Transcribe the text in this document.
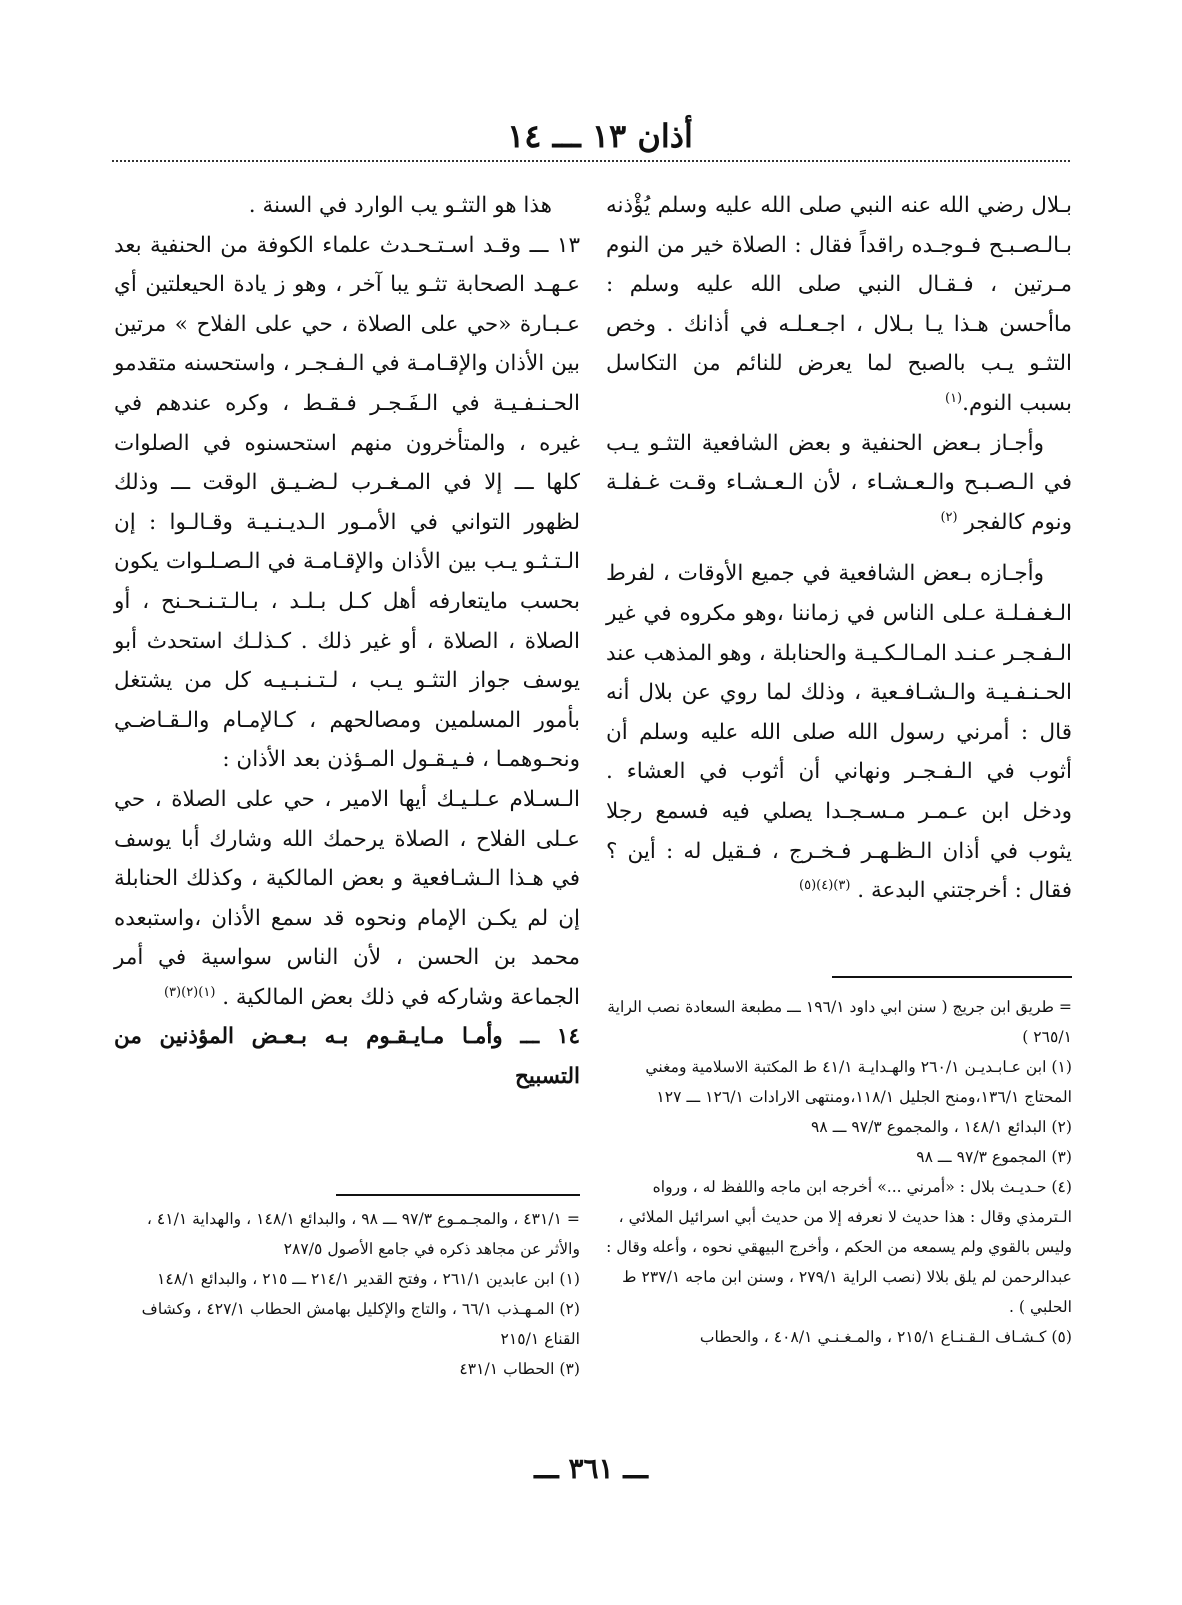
أذان ١٣ ـــ ١٤

بـلال رضي الله عنه النبي صلى الله عليه وسلم يُؤْذنه بـالـصـبـح فـوجـده راقداً فقال : الصلاة خير من النوم مـرتين ، فـقـال النبي صلى الله عليه وسلم : ماأحسن هـذا يـا بـلال ، اجـعـلـه في أذانك . وخص التثـو يـب بالصبح لما يعرض للنائم من التكاسل بسبب النوم.$^{(١)}$

وأجـاز بـعض الحنفية و بعض الشافعية التثـو يـب في الـصـبـح والـعـشـاء ، لأن الـعـشـاء وقـت غـفلـة ونوم كالفجر $^{(٢)}$

وأجـازه بـعض الشافعية في جميع الأوقات ، لفرط الـغـفـلـة عـلى الناس في زماننا ،وهو مكروه في غير الـفـجـر عـنـد المـالـكـيـة والحنابلة ، وهو المذهب عند الحـنـفـيـة والـشـافـعية ، وذلك لما روي عن بلال أنه قال : أمرني رسول الله صلى الله عليه وسلم أن أثوب في الـفـجـر ونهاني أن أثوب في العشاء . ودخل ابن عـمـر مـسـجـدا يصلي فيه فسمع رجلا يثوب في أذان الـظـهـر فـخـرج ، فـقيل له : أين ؟ فقال : أخرجتني البدعة . $^{(٣)(٤)(٥)}$

هذا هو التثـو يب الوارد في السنة .

١٣ ـــ وقـد اسـتـحـدث علماء الكوفة من الحنفية بعد عـهـد الصحابة تثـو يبا آخر ، وهو ز يادة الحيعلتين أي عـبـارة «حي على الصلاة ، حي على الفلاح » مرتين بين الأذان والإقـامـة في الـفـجـر ، واستحسنه متقدمو الحـنـفـيـة في الـفَـجـر فـقـط ، وكره عندهم في غيره ، والمتأخرون منهم استحسنوه في الصلوات كلها ـــ إلا في المـغـرب لـضـيـق الوقت ـــ وذلك لظهور التواني في الأمـور الـديـنـيـة وقـالـوا : إن الـتـثـو يـب بين الأذان والإقـامـة في الـصـلـوات يكون بحسب مايتعارفه أهل كـل بـلـد ، بـالـتـنـحـنح ، أو الصلاة ، الصلاة ، أو غير ذلك . كـذلـك استحدث أبو يوسف جواز التثـو يـب ، لـتـنـبـيـه كل من يشتغل بأمور المسلمين ومصالحهم ، كـالإمـام والـقـاضـي ونحـوهمـا ، فـيـقـول المـؤذن بعد الأذان :

الـسـلام عـلـيـك أيها الامير ، حي على الصلاة ، حي عـلى الفلاح ، الصلاة يرحمك الله وشارك أبا يوسف في هـذا الـشـافعية و بعض المالكية ، وكذلك الحنابلة إن لم يكـن الإمام ونحوه قد سمع الأذان ،واستبعده محمد بن الحسن ، لأن الناس سواسية في أمر الجماعة وشاركه في ذلك بعض المالكية . $^{(١)(٢)(٣)}$

١٤ ـــ وأمـا مـايـقـوم بـه بـعـض المؤذنين من التسبيح

= طريق ابن جريج ( سنن ابي داود ١٩٦/١ ـــ مطبعة السعادة نصب الراية ٢٦٥/١ )

(١) ابن عـابـديـن ٢٦٠/١ والهـدايـة ٤١/١ ط المكتبة الاسلامية ومغني المحتاج ١٣٦/١،ومنح الجليل ١١٨/١،ومنتهى الارادات ١٢٦/١ ـــ ١٢٧

(٢) البدائع ١٤٨/١ ، والمجموع ٩٧/٣ ـــ ٩٨

(٣) المجموع ٩٧/٣ ـــ ٩٨

(٤) حـديـث بلال : «أمرني ...» أخرجه ابن ماجه واللفظ له ، ورواه الـترمذي وقال : هذا حديث لا نعرفه إلا من حديث أبي اسرائيل الملائي ، وليس بالقوي ولم يسمعه من الحكم ، وأخرج البيهقي نحوه ، وأعله وقال : عبدالرحمن لم يلق بلالا (نصب الراية ٢٧٩/١ ، وسنن ابن ماجه ٢٣٧/١ ط الحلبي ) .

(٥) كـشـاف الـقـنـاع ٢١٥/١ ، والمـغـنـي ٤٠٨/١ ، والحطاب

= ٤٣١/١ ، والمجـمـوع ٩٧/٣ ـــ ٩٨ ، والبدائع ١٤٨/١ ، والهداية ٤١/١ ، والأثر عن مجاهد ذكره في جامع الأصول ٢٨٧/٥

(١) ابن عابدين ٢٦١/١ ، وفتح القدير ٢١٤/١ ـــ ٢١٥ ، والبدائع ١٤٨/١

(٢) المـهـذب ٦٦/١ ، والتاج والإكليل بهامش الحطاب ٤٢٧/١ ، وكشاف القناع ٢١٥/١

(٣) الحطاب ٤٣١/١

ـــ ٣٦١ ـــ
